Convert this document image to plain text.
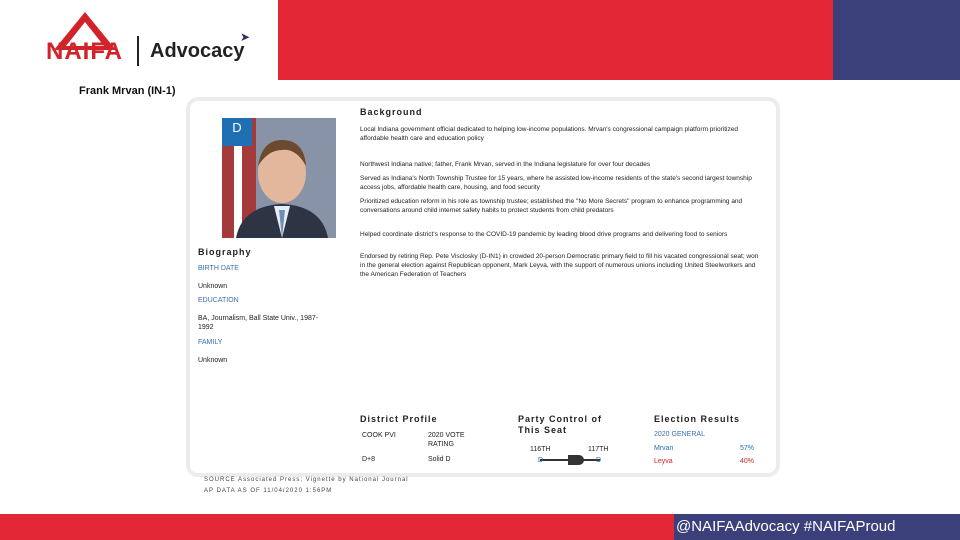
NAIFA Advocacy
➤
Frank Mrvan (IN-1)
D
Biography
BIRTH DATE
Unknown
EDUCATION
BA, Journalism, Ball State Univ., 1987-1992
FAMILY
Unknown
Background
Local Indiana government official dedicated to helping low-income populations. Mrvan's congressional campaign platform prioritized affordable health care and education policy
Northwest Indiana native; father, Frank Mrvan, served in the Indiana legislature for over four decades
Served as Indiana's North Township Trustee for 15 years, where he assisted low-income residents of the state's second largest township access jobs, affordable health care, housing, and food security
Prioritized education reform in his role as township trustee; established the "No More Secrets" program to enhance programming and conversations around child internet safety habits to protect students from child predators
Helped coordinate district's response to the COVID-19 pandemic by leading blood drive programs and delivering food to seniors
Endorsed by retiring Rep. Pete Visclosky (D-IN1) in crowded 20-person Democratic primary field to fill his vacated congressional seat; won in the general election against Republican opponent, Mark Leyva, with the support of numerous unions including United Steelworkers and the American Federation of Teachers
District Profile
COOK PVI	2020 VOTE RATING
D+8	Solid D
Party Control of This Seat
116TH	117TH
D	D
Election Results
2020 GENERAL
Mrvan	57%
Leyva	40%
SOURCE Associated Press; Vignette by National Journal
AP DATA AS OF 11/04/2020 1:56PM
@NAIFAAdvocacy #NAIFAProud
